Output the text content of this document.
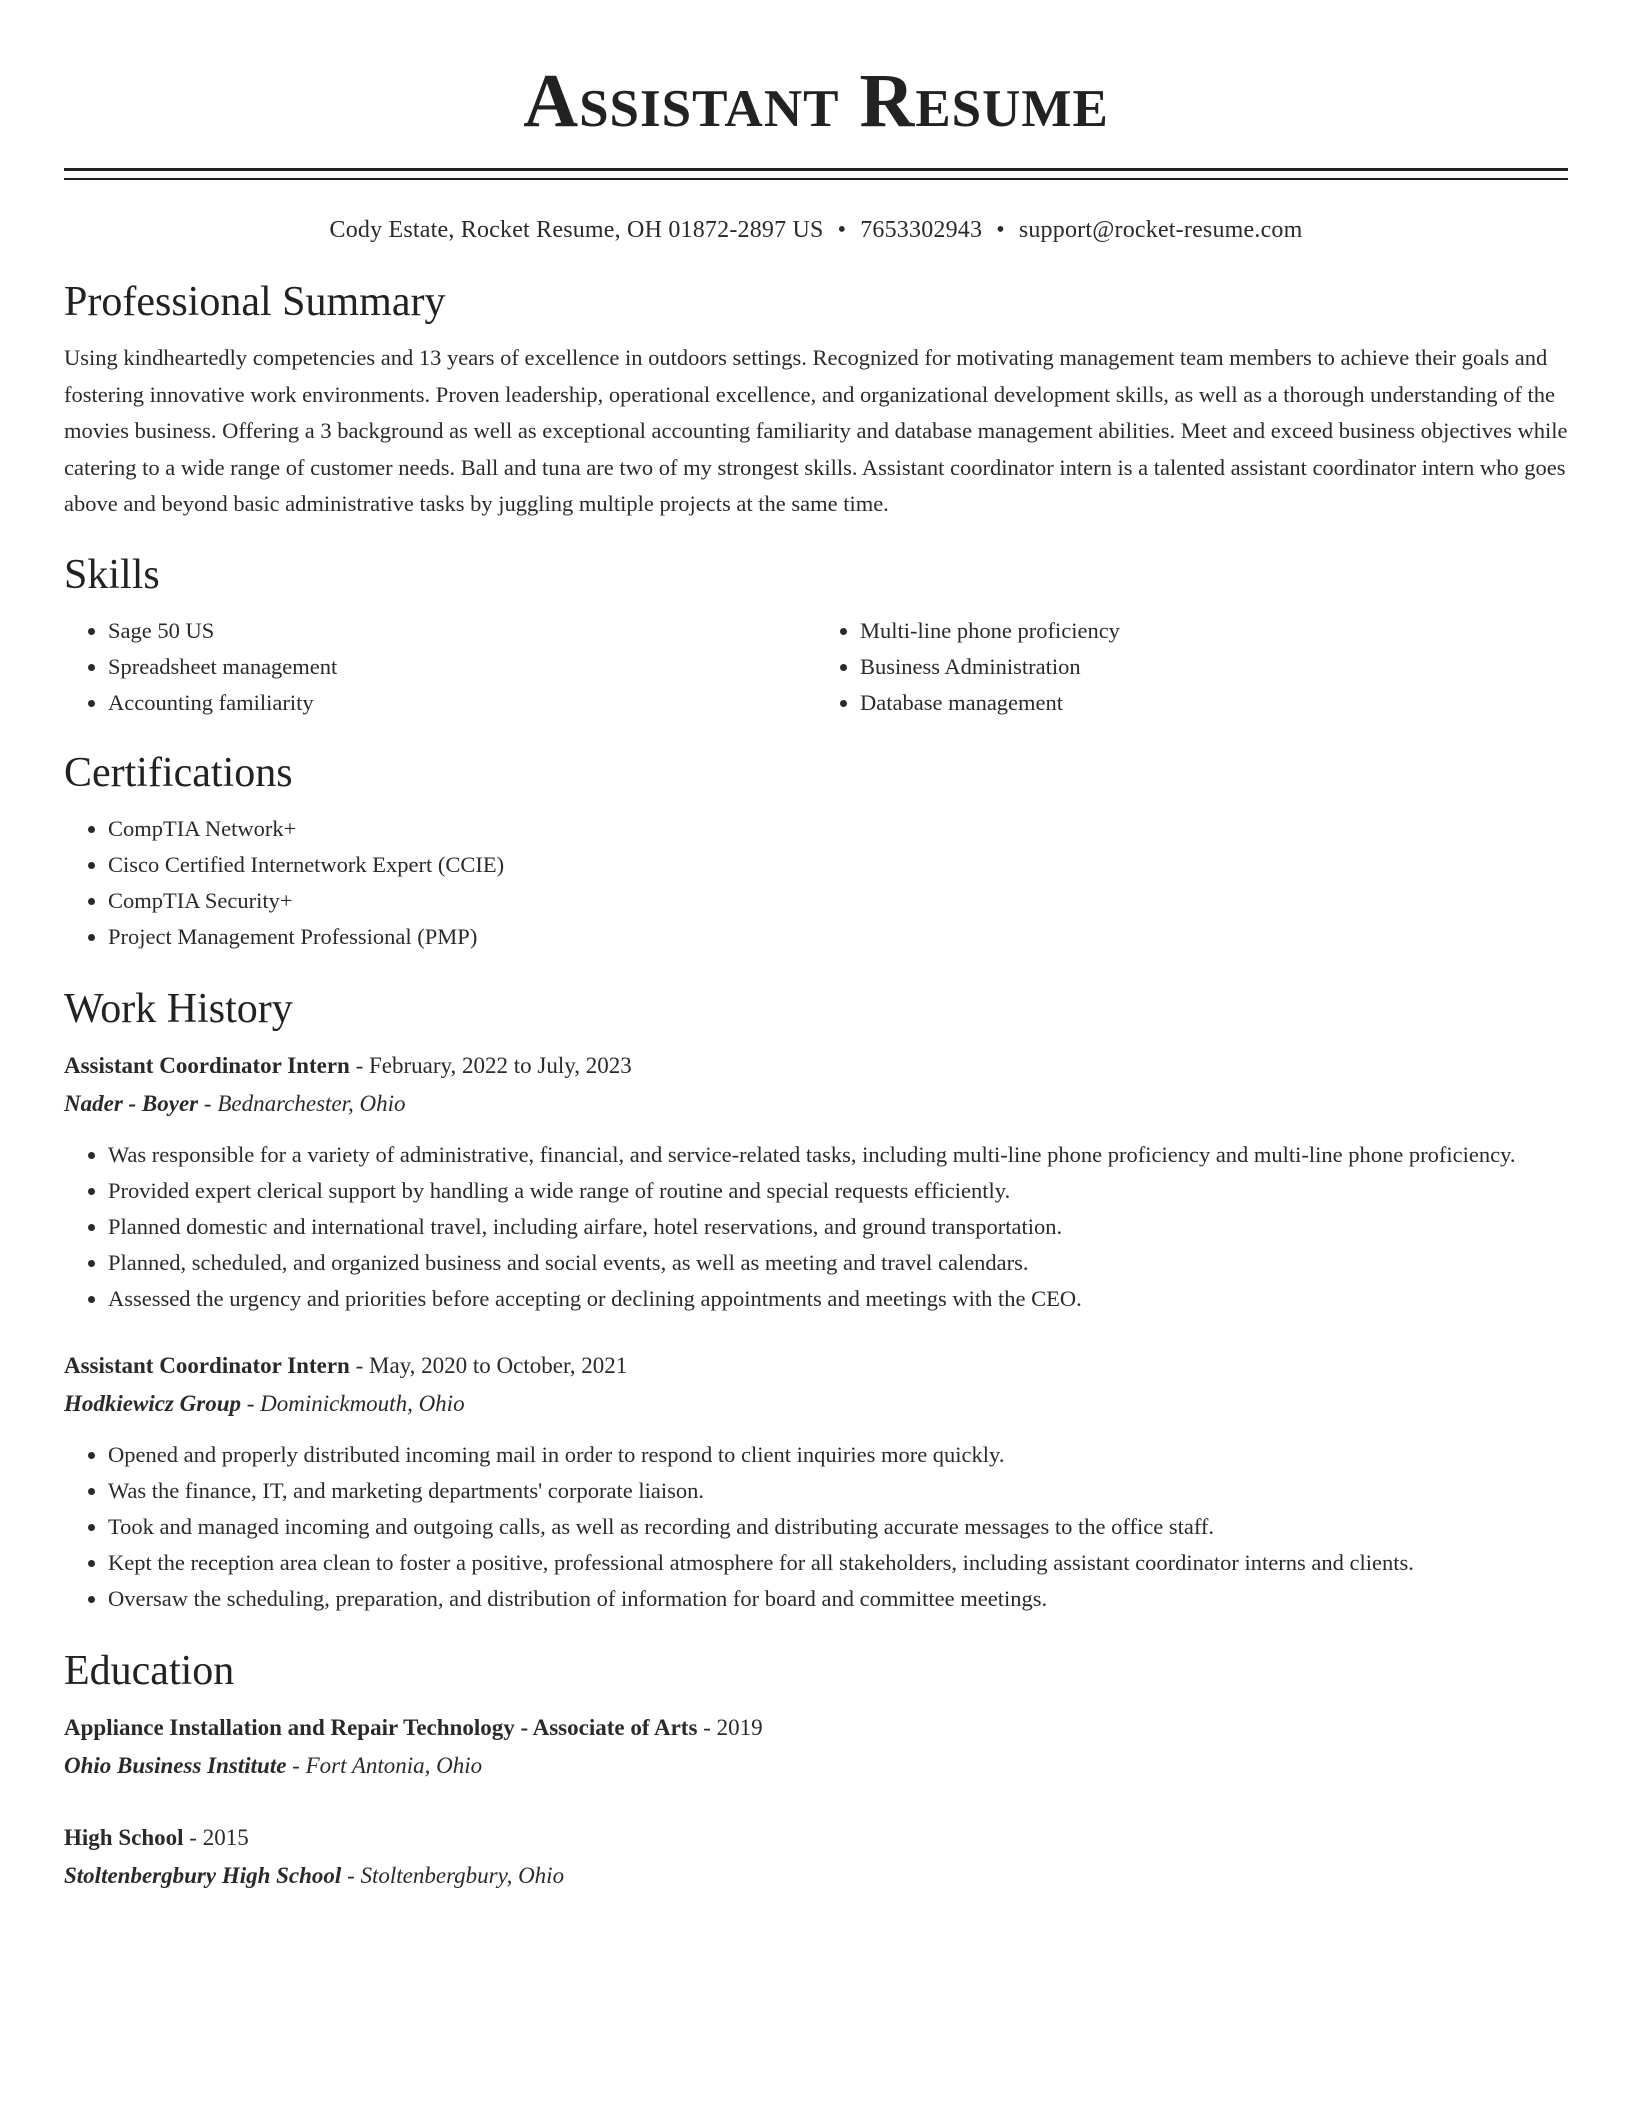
Assistant Resume
Cody Estate, Rocket Resume, OH 01872-2897 US • 7653302943 • support@rocket-resume.com
Professional Summary

Using kindheartedly competencies and 13 years of excellence in outdoors settings. Recognized for motivating management team members to achieve their goals and fostering innovative work environments. Proven leadership, operational excellence, and organizational development skills, as well as a thorough understanding of the movies business. Offering a 3 background as well as exceptional accounting familiarity and database management abilities. Meet and exceed business objectives while catering to a wide range of customer needs. Ball and tuna are two of my strongest skills. Assistant coordinator intern is a talented assistant coordinator intern who goes above and beyond basic administrative tasks by juggling multiple projects at the same time.

Skills
• Sage 50 US
• Spreadsheet management
• Accounting familiarity
• Multi-line phone proficiency
• Business Administration
• Database management
Certifications
• CompTIA Network+
• Cisco Certified Internetwork Expert (CCIE)
• CompTIA Security+
• Project Management Professional (PMP)
Work History
Assistant Coordinator Intern - February, 2022 to July, 2023
Nader - Boyer - Bednarchester, Ohio
• Was responsible for a variety of administrative, financial, and service-related tasks, including multi-line phone proficiency and multi-line phone proficiency.
• Provided expert clerical support by handling a wide range of routine and special requests efficiently.
• Planned domestic and international travel, including airfare, hotel reservations, and ground transportation.
• Planned, scheduled, and organized business and social events, as well as meeting and travel calendars.
• Assessed the urgency and priorities before accepting or declining appointments and meetings with the CEO.
Assistant Coordinator Intern - May, 2020 to October, 2021
Hodkiewicz Group - Dominickmouth, Ohio
• Opened and properly distributed incoming mail in order to respond to client inquiries more quickly.
• Was the finance, IT, and marketing departments' corporate liaison.
• Took and managed incoming and outgoing calls, as well as recording and distributing accurate messages to the office staff.
• Kept the reception area clean to foster a positive, professional atmosphere for all stakeholders, including assistant coordinator interns and clients.
• Oversaw the scheduling, preparation, and distribution of information for board and committee meetings.
Education
Appliance Installation and Repair Technology - Associate of Arts - 2019
Ohio Business Institute - Fort Antonia, Ohio
High School - 2015
Stoltenbergbury High School - Stoltenbergbury, Ohio
